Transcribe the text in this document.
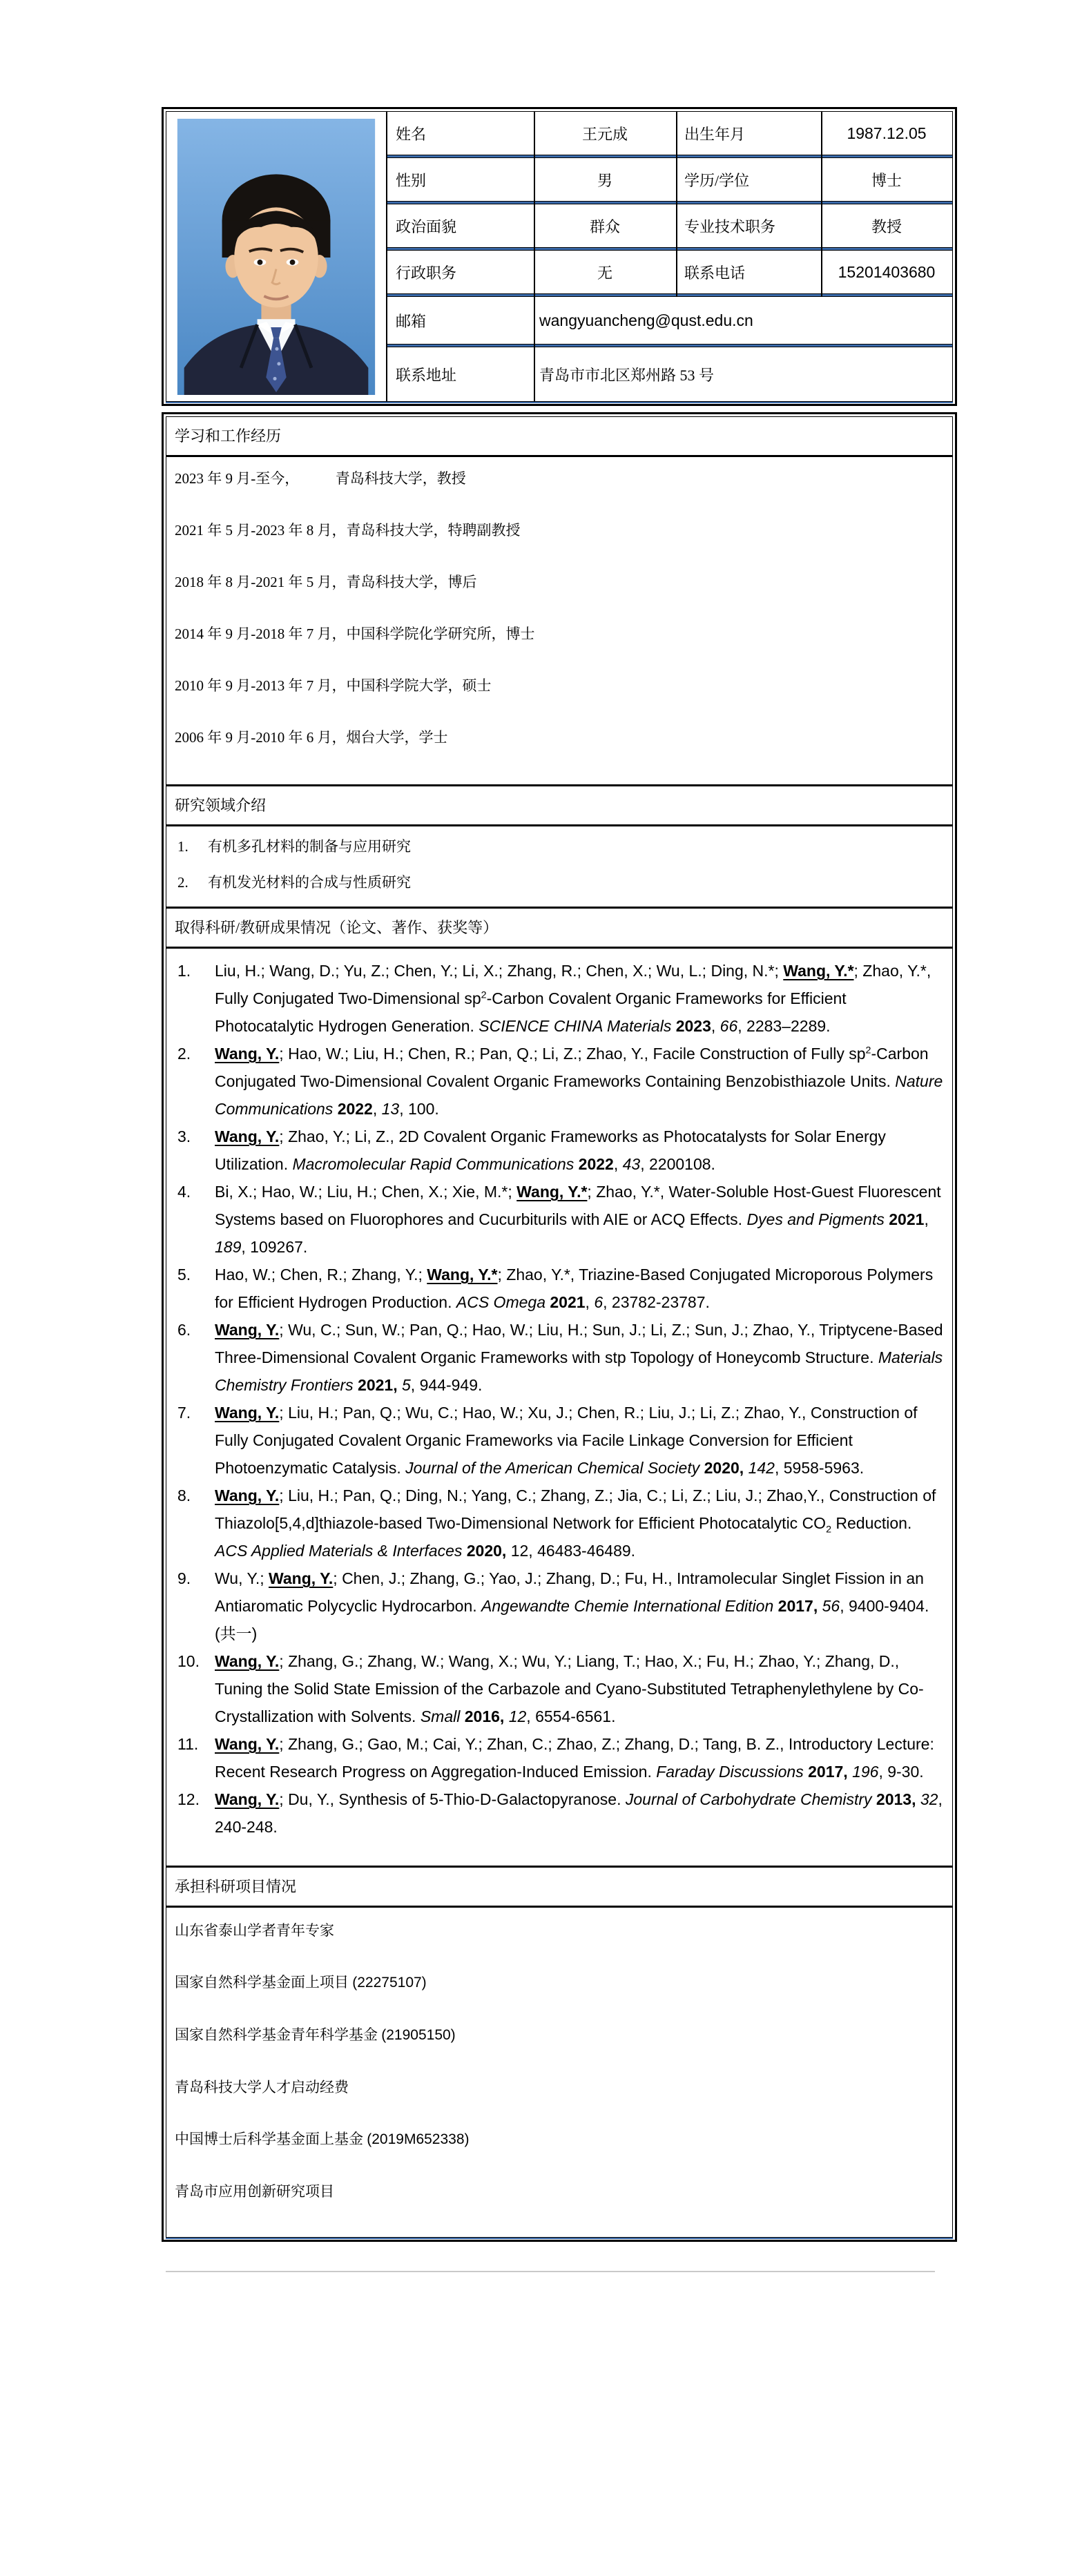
姓名	王元成	出生年月	1987.12.05
性别	男	学历/学位	博士
政治面貌	群众	专业技术职务	教授
行政职务	无	联系电话	15201403680
邮箱	wangyuancheng@qust.edu.cn
联系地址	青岛市市北区郑州路 53 号
学习和工作经历

2023 年 9 月-至今，          青岛科技大学，教授

2021 年 5 月-2023 年 8 月，青岛科技大学，特聘副教授

2018 年 8 月-2021 年 5 月，青岛科技大学，博后

2014 年 9 月-2018 年 7 月，中国科学院化学研究所，博士

2010 年 9 月-2013 年 7 月，中国科学院大学，硕士

2006 年 9 月-2010 年 6 月，烟台大学，学士

研究领域介绍
1.	有机多孔材料的制备与应用研究
2.	有机发光材料的合成与性质研究
取得科研/教研成果情况（论文、著作、获奖等）
1.	Liu, H.; Wang, D.; Yu, Z.; Chen, Y.; Li, X.; Zhang, R.; Chen, X.; Wu, L.; Ding, N.*; Wang, Y.*; Zhao, Y.*, Fully Conjugated Two-Dimensional $sp^2$-Carbon Covalent Organic Frameworks for Efficient Photocatalytic Hydrogen Generation. SCIENCE CHINA Materials 2023, 66, 2283–2289.
2.	Wang, Y.; Hao, W.; Liu, H.; Chen, R.; Pan, Q.; Li, Z.; Zhao, Y., Facile Construction of Fully $sp^2$-Carbon Conjugated Two-Dimensional Covalent Organic Frameworks Containing Benzobisthiazole Units. Nature Communications 2022, 13, 100.
3.	Wang, Y.; Zhao, Y.; Li, Z., 2D Covalent Organic Frameworks as Photocatalysts for Solar Energy Utilization. Macromolecular Rapid Communications 2022, 43, 2200108.
4.	Bi, X.; Hao, W.; Liu, H.; Chen, X.; Xie, M.*; Wang, Y.*; Zhao, Y.*, Water-Soluble Host-Guest Fluorescent Systems based on Fluorophores and Cucurbiturils with AIE or ACQ Effects. Dyes and Pigments 2021, 189, 109267.
5.	Hao, W.; Chen, R.; Zhang, Y.; Wang, Y.*; Zhao, Y.*, Triazine-Based Conjugated Microporous Polymers for Efficient Hydrogen Production. ACS Omega 2021, 6, 23782-23787.
6.	Wang, Y.; Wu, C.; Sun, W.; Pan, Q.; Hao, W.; Liu, H.; Sun, J.; Li, Z.; Sun, J.; Zhao, Y., Triptycene-Based Three-Dimensional Covalent Organic Frameworks with stp Topology of Honeycomb Structure. Materials Chemistry Frontiers 2021, 5, 944-949.
7.	Wang, Y.; Liu, H.; Pan, Q.; Wu, C.; Hao, W.; Xu, J.; Chen, R.; Liu, J.; Li, Z.; Zhao, Y., Construction of Fully Conjugated Covalent Organic Frameworks via Facile Linkage Conversion for Efficient Photoenzymatic Catalysis. Journal of the American Chemical Society 2020, 142, 5958-5963.
8.	Wang, Y.; Liu, H.; Pan, Q.; Ding, N.; Yang, C.; Zhang, Z.; Jia, C.; Li, Z.; Liu, J.; Zhao,Y., Construction of Thiazolo[5,4,d]thiazole-based Two-Dimensional Network for Efficient Photocatalytic $CO_2$ Reduction. ACS Applied Materials & Interfaces 2020, 12, 46483-46489.
9.	Wu, Y.; Wang, Y.; Chen, J.; Zhang, G.; Yao, J.; Zhang, D.; Fu, H., Intramolecular Singlet Fission in an Antiaromatic Polycyclic Hydrocarbon. Angewandte Chemie International Edition 2017, 56, 9400-9404.(共一)
10. Wang, Y.; Zhang, G.; Zhang, W.; Wang, X.; Wu, Y.; Liang, T.; Hao, X.; Fu, H.; Zhao, Y.; Zhang, D., Tuning the Solid State Emission of the Carbazole and Cyano-Substituted Tetraphenylethylene by Co-Crystallization with Solvents. Small 2016, 12, 6554-6561.
11.	Wang, Y.; Zhang, G.; Gao, M.; Cai, Y.; Zhan, C.; Zhao, Z.; Zhang, D.; Tang, B. Z., Introductory Lecture: Recent Research Progress on Aggregation-Induced Emission. Faraday Discussions 2017, 196, 9-30.
12. Wang, Y.; Du, Y., Synthesis of 5-Thio-D-Galactopyranose. Journal of Carbohydrate Chemistry 2013, 32, 240-248.
承担科研项目情况

山东省泰山学者青年专家

国家自然科学基金面上项目 (22275107)

国家自然科学基金青年科学基金 (21905150)

青岛科技大学人才启动经费

中国博士后科学基金面上基金 (2019M652338)

青岛市应用创新研究项目
